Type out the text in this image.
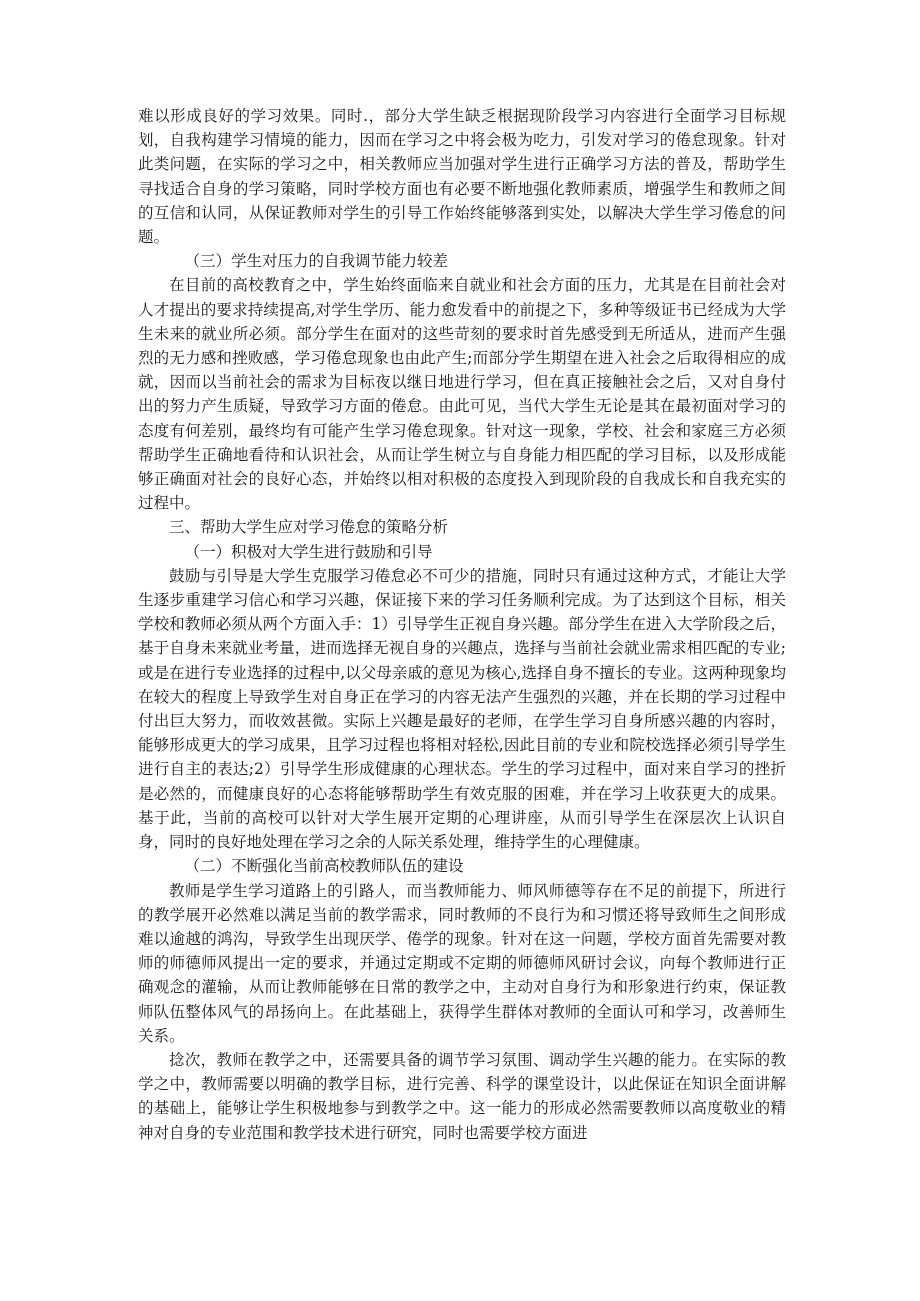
难以形成良好的学习效果。同时.，部分大学生缺乏根据现阶段学习内容进行全面学习目标规划，自我构建学习情境的能力，因而在学习之中将会极为吃力，引发对学习的倦怠现象。针对此类问题，在实际的学习之中，相关教师应当加强对学生进行正确学习方法的普及，帮助学生寻找适合自身的学习策略，同时学校方面也有必要不断地强化教师素质，增强学生和教师之间的互信和认同，从保证教师对学生的引导工作始终能够落到实处，以解决大学生学习倦怠的问题。

（三）学生对压力的自我调节能力较差

在目前的高校教育之中，学生始终面临来自就业和社会方面的压力，尤其是在目前社会对人才提出的要求持续提高,对学生学历、能力愈发看中的前提之下，多种等级证书已经成为大学生未来的就业所必须。部分学生在面对的这些苛刻的要求时首先感受到无所适从，进而产生强烈的无力感和挫败感，学习倦怠现象也由此产生;而部分学生期望在进入社会之后取得相应的成就，因而以当前社会的需求为目标夜以继日地进行学习，但在真正接触社会之后，又对自身付出的努力产生质疑，导致学习方面的倦怠。由此可见，当代大学生无论是其在最初面对学习的态度有何差别，最终均有可能产生学习倦怠现象。针对这一现象，学校、社会和家庭三方必须帮助学生正确地看待和认识社会，从而让学生树立与自身能力相匹配的学习目标，以及形成能够正确面对社会的良好心态，并始终以相对积极的态度投入到现阶段的自我成长和自我充实的过程中。

三、帮助大学生应对学习倦怠的策略分析

（一）积极对大学生进行鼓励和引导

鼓励与引导是大学生克服学习倦怠必不可少的措施，同时只有通过这种方式，才能让大学生逐步重建学习信心和学习兴趣，保证接下来的学习任务顺利完成。为了达到这个目标，相关学校和教师必须从两个方面入手：1）引导学生正视自身兴趣。部分学生在进入大学阶段之后，基于自身未来就业考量，进而选择无视自身的兴趣点，选择与当前社会就业需求相匹配的专业;或是在进行专业选择的过程中,以父母亲戚的意见为核心,选择自身不擅长的专业。这两种现象均在较大的程度上导致学生对自身正在学习的内容无法产生强烈的兴趣，并在长期的学习过程中付出巨大努力，而收效甚微。实际上兴趣是最好的老师，在学生学习自身所感兴趣的内容时，能够形成更大的学习成果，且学习过程也将相对轻松,因此目前的专业和院校选择必须引导学生进行自主的表达;2）引导学生形成健康的心理状态。学生的学习过程中，面对来自学习的挫折是必然的，而健康良好的心态将能够帮助学生有效克服的困难，并在学习上收获更大的成果。基于此，当前的高校可以针对大学生展开定期的心理讲座，从而引导学生在深层次上认识自身，同时的良好地处理在学习之余的人际关系处理，维持学生的心理健康。

（二）不断强化当前高校教师队伍的建设

教师是学生学习道路上的引路人，而当教师能力、师风师德等存在不足的前提下，所进行的教学展开必然难以满足当前的教学需求，同时教师的不良行为和习惯还将导致师生之间形成难以逾越的鸿沟，导致学生出现厌学、倦学的现象。针对在这一问题，学校方面首先需要对教师的师德师风提出一定的要求，并通过定期或不定期的师德师风研讨会议，向每个教师进行正确观念的灌输，从而让教师能够在日常的教学之中，主动对自身行为和形象进行约束，保证教师队伍整体风气的昂扬向上。在此基础上，获得学生群体对教师的全面认可和学习，改善师生关系。

捻次，教师在教学之中，还需要具备的调节学习氛围、调动学生兴趣的能力。在实际的教学之中，教师需要以明确的教学目标，进行完善、科学的课堂设计，以此保证在知识全面讲解的基础上，能够让学生积极地参与到教学之中。这一能力的形成必然需要教师以高度敬业的精神对自身的专业范围和教学技术进行研究，同时也需要学校方面进
